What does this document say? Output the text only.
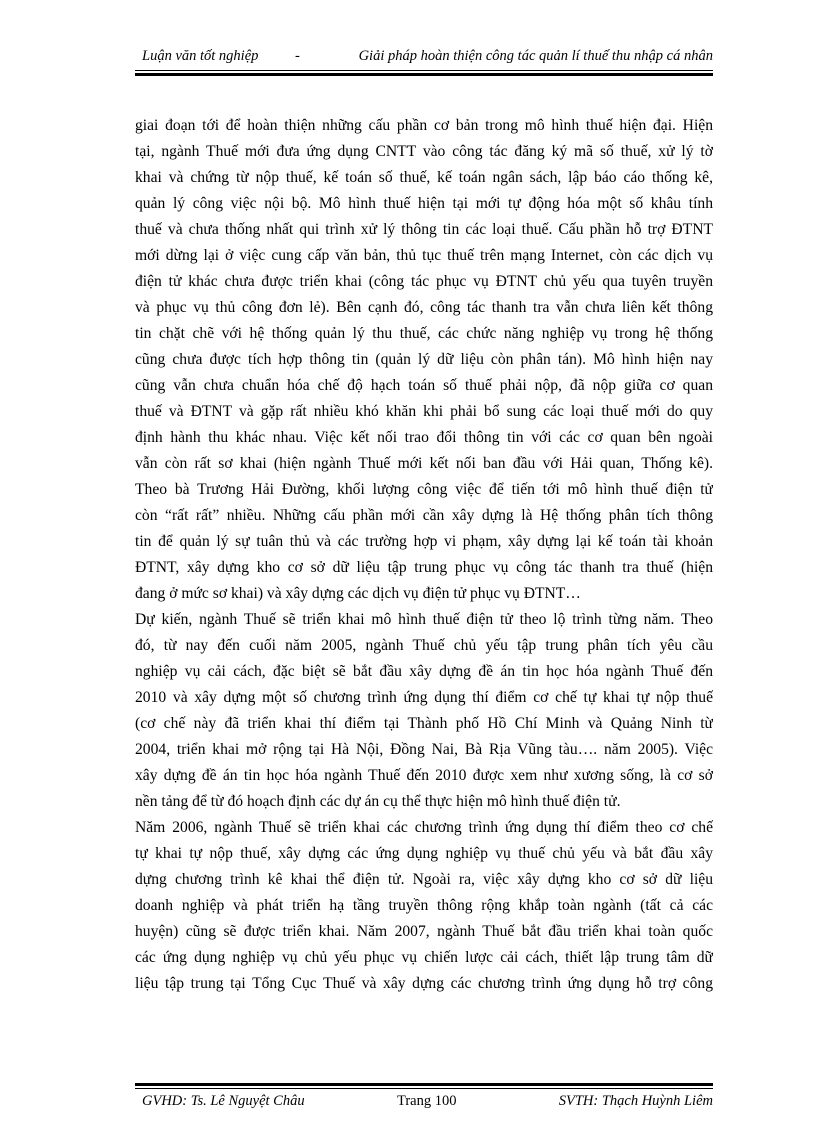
Luận văn tốt nghiệp	-	Giải pháp hoàn thiện công tác quản lí thuế thu nhập cá nhân
giai đoạn tới để hoàn thiện những cấu phần cơ bản trong mô hình thuế hiện đại. Hiện
tại, ngành Thuế mới đưa ứng dụng CNTT vào công tác đăng ký mã số thuế, xử lý tờ
khai và chứng từ nộp thuế, kế toán số thuế, kế toán ngân sách, lập báo cáo thống kê,
quản lý công việc nội bộ. Mô hình thuế hiện tại mới tự động hóa một số khâu tính
thuế và chưa thống nhất qui trình xử lý thông tin các loại thuế. Cấu phần hỗ trợ ĐTNT
mới dừng lại ở việc cung cấp văn bản, thủ tục thuế trên mạng Internet, còn các dịch vụ
điện tử khác chưa được triển khai (công tác phục vụ ĐTNT chủ yếu qua tuyên truyền
và phục vụ thủ công đơn lẻ). Bên cạnh đó, công tác thanh tra vẫn chưa liên kết thông
tin chặt chẽ với hệ thống quản lý thu thuế, các chức năng nghiệp vụ trong hệ thống
cũng chưa được tích hợp thông tin (quản lý dữ liệu còn phân tán). Mô hình hiện nay
cũng vẫn chưa chuẩn hóa chế độ hạch toán số thuế phải nộp, đã nộp giữa cơ quan
thuế và ĐTNT và gặp rất nhiều khó khăn khi phải bổ sung các loại thuế mới do quy
định hành thu khác nhau. Việc kết nối trao đổi thông tin với các cơ quan bên ngoài
vẫn còn rất sơ khai (hiện ngành Thuế mới kết nối ban đầu với Hải quan, Thống kê).
Theo bà Trương Hải Đường, khối lượng công việc để tiến tới mô hình thuế điện tử
còn “rất rất” nhiều. Những cấu phần mới cần xây dựng là Hệ thống phân tích thông
tin để quản lý sự tuân thủ và các trường hợp vi phạm, xây dựng lại kế toán tài khoản
ĐTNT, xây dựng kho cơ sở dữ liệu tập trung phục vụ công tác thanh tra thuế (hiện
đang ở mức sơ khai) và xây dựng các dịch vụ điện tử phục vụ ĐTNT…
Dự kiến, ngành Thuế sẽ triển khai mô hình thuế điện tử theo lộ trình từng năm. Theo
đó, từ nay đến cuối năm 2005, ngành Thuế chủ yếu tập trung phân tích yêu cầu
nghiệp vụ cải cách, đặc biệt sẽ bắt đầu xây dựng đề án tin học hóa ngành Thuế đến
2010 và xây dựng một số chương trình ứng dụng thí điểm cơ chế tự khai tự nộp thuế
(cơ chế này đã triển khai thí điểm tại Thành phố Hồ Chí Minh và Quảng Ninh từ
2004, triển khai mở rộng tại Hà Nội, Đồng Nai, Bà Rịa Vũng tàu…. năm 2005). Việc
xây dựng đề án tin học hóa ngành Thuế đến 2010 được xem như xương sống, là cơ sở
nền tảng để từ đó hoạch định các dự án cụ thể thực hiện mô hình thuế điện tử.
Năm 2006, ngành Thuế sẽ triển khai các chương trình ứng dụng thí điểm theo cơ chế
tự khai tự nộp thuế, xây dựng các ứng dụng nghiệp vụ thuế chủ yếu và bắt đầu xây
dựng chương trình kê khai thể điện tử. Ngoài ra, việc xây dựng kho cơ sở dữ liệu
doanh nghiệp và phát triển hạ tầng truyền thông rộng khắp toàn ngành (tất cả các
huyện) cũng sẽ được triển khai. Năm 2007, ngành Thuế bắt đầu triển khai toàn quốc
các ứng dụng nghiệp vụ chủ yếu phục vụ chiến lược cải cách, thiết lập trung tâm dữ
liệu tập trung tại Tổng Cục Thuế và xây dựng các chương trình ứng dụng hỗ trợ công
GVHD: Ts. Lê Nguyệt Châu	Trang 100	SVTH: Thạch Huỳnh Liêm
